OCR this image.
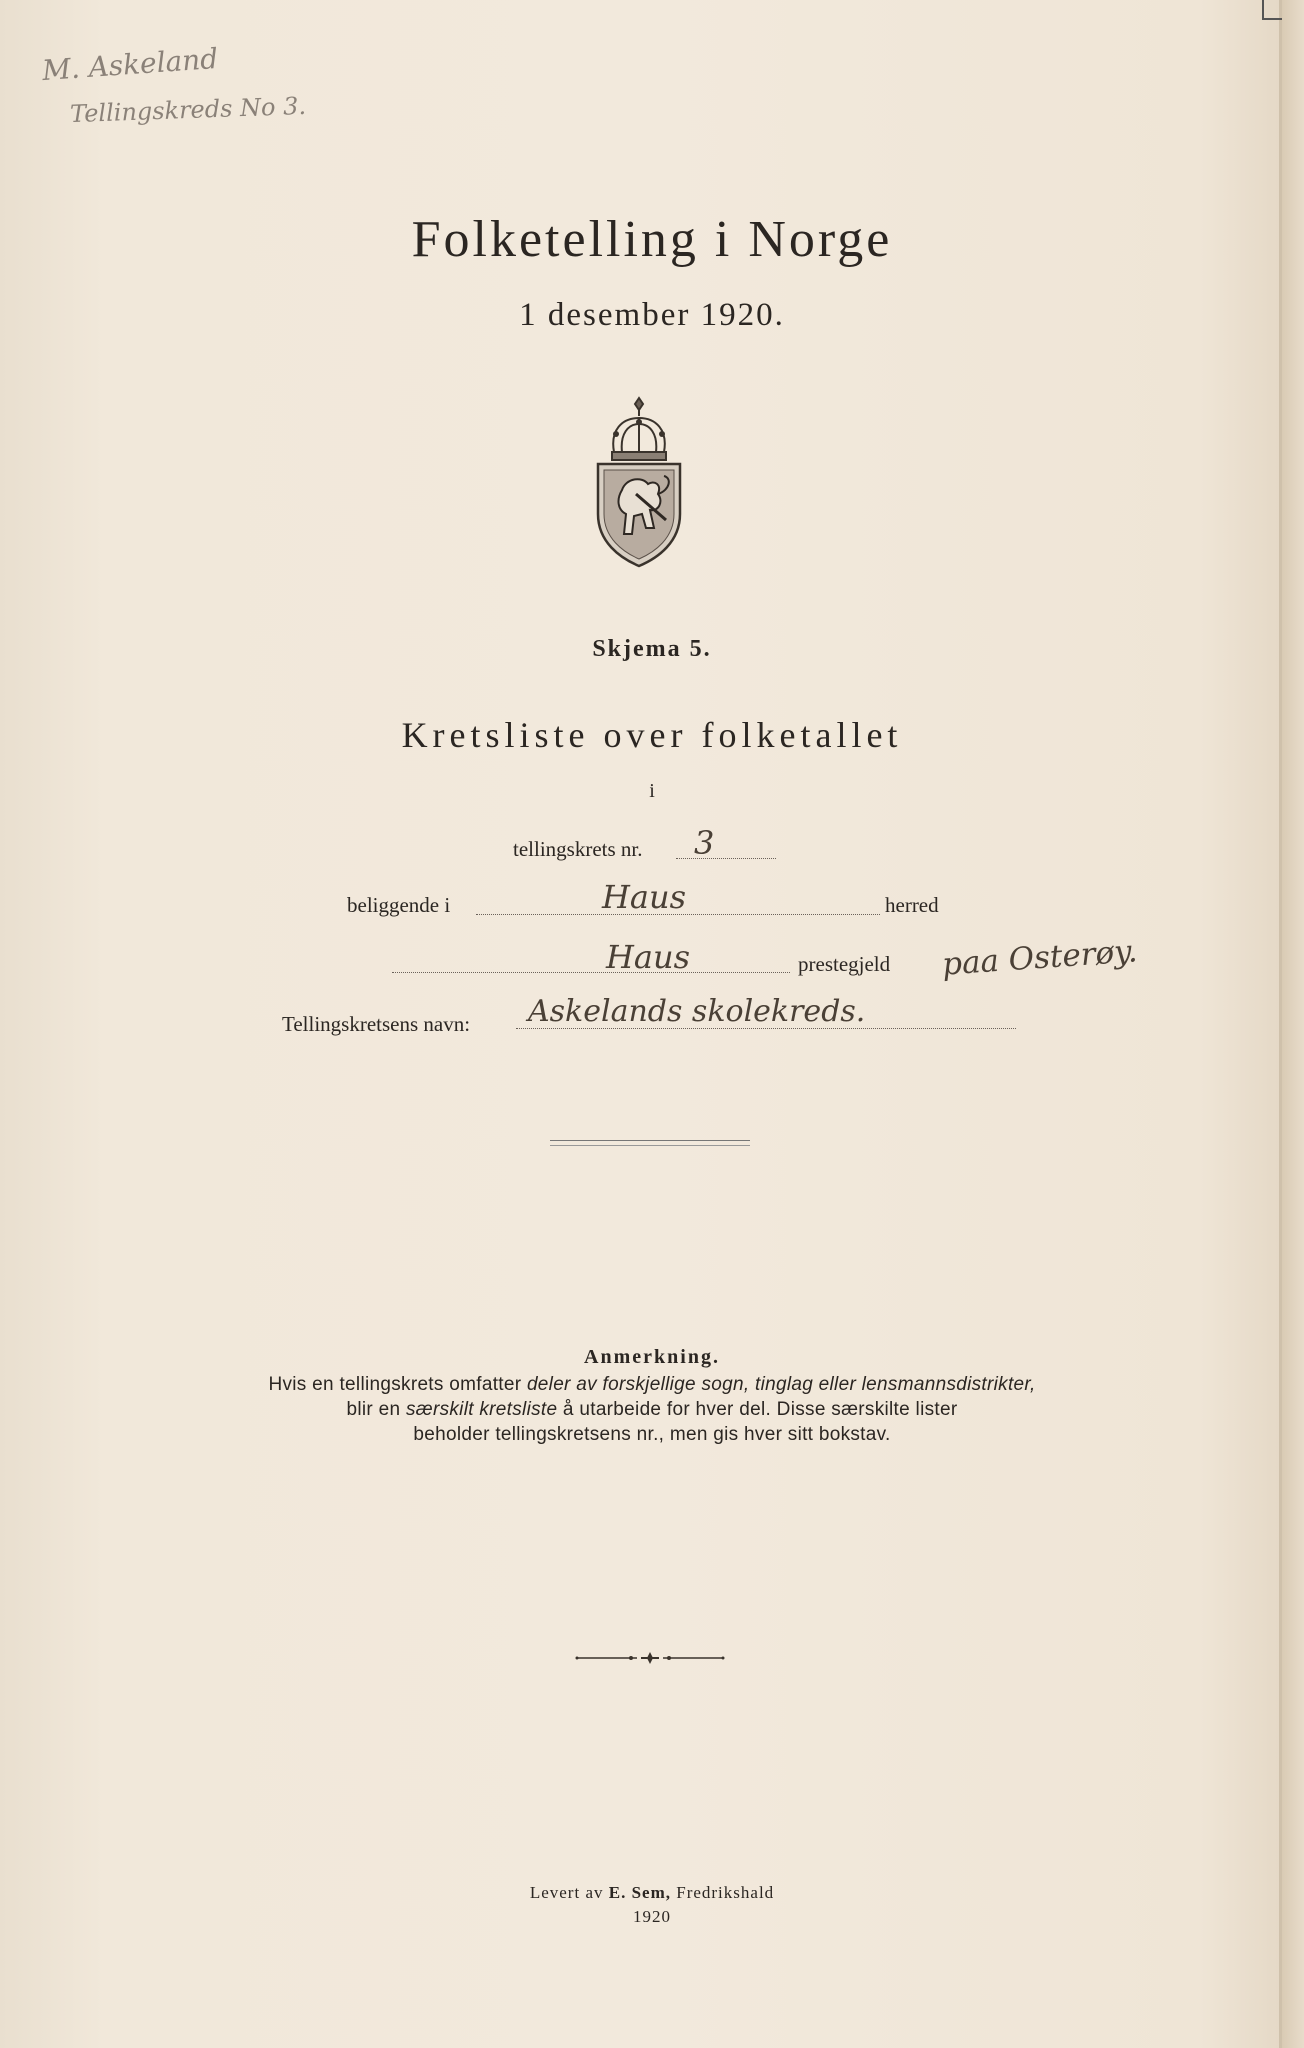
M. Askeland
Tellingskreds No 3.
Folketelling i Norge
1 desember 1920.
Skjema 5.
Kretsliste over folketallet
i
tellingskrets nr. 3
beliggende i	Haus	herred
Haus	prestegjeld paa Osterøy.
Tellingskretsens navn: Askelands skolekreds.
Anmerkning.
Hvis en tellingskrets omfatter deler av forskjellige sogn, tinglag eller lensmannsdistrikter,
blir en særskilt kretsliste å utarbeide for hver del. Disse særskilte lister
beholder tellingskretsens nr., men gis hver sitt bokstav.
Levert av E. Sem, Fredrikshald
1920
